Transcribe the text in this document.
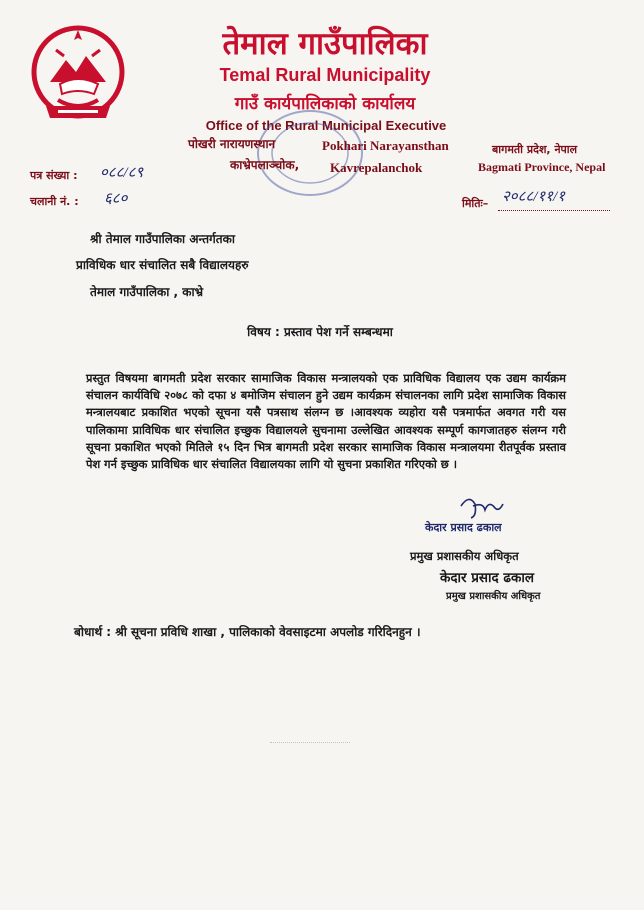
तेमाल गाउँपालिका
Temal Rural Municipality
गाउँ कार्यपालिकाको कार्यालय
Office of the Rural Municipal Executive
पोखरी नारायणस्थान	Pokhari Narayansthan
काभ्रेपलाञ्चोक, Kavrepalanchok
बागमती प्रदेश, नेपाल
Bagmati Province, Nepal
पत्र संख्या : ०८८/८९
चलानी नं. : ६८०	मितिः– २०८८/११/१
श्री तेमाल गाउँपालिका अन्तर्गतका
प्राविधिक धार संचालित सबै विद्यालयहरु
तेमाल गाउँपालिका , काभ्रे
विषय : प्रस्ताव पेश गर्ने सम्बन्धमा
प्रस्तुत विषयमा बागमती प्रदेश सरकार सामाजिक विकास मन्त्रालयको एक प्राविधिक विद्यालय एक उद्यम कार्यक्रम संचालन कार्यविधि २०७८ को दफा ४ बमोजिम संचालन हुने उद्यम कार्यक्रम संचालनका लागि प्रदेश सामाजिक विकास मन्त्रालयबाट प्रकाशित भएको सूचना यसै पत्रसाथ संलग्न छ ।आवश्यक व्यहोरा यसै पत्रमार्फत अवगत गरी यस पालिकामा प्राविधिक धार संचालित इच्छुक विद्यालयले सुचनामा उल्लेखित आवश्यक सम्पूर्ण कागजातहरु संलग्न गरी सूचना प्रकाशित भएको मितिले १५ दिन भित्र बागमती प्रदेश सरकार सामाजिक विकास मन्त्रालयमा रीतपूर्वक प्रस्ताव पेश गर्न इच्छुक प्राविधिक धार संचालित विद्यालयका लागि यो सुचना प्रकाशित गरिएको छ ।
केदार प्रसाद ढकाल
प्रमुख प्रशासकीय अधिकृत
केदार प्रसाद ढकाल
प्रमुख प्रशासकीय अधिकृत
बोधार्थ : श्री सूचना प्रविधि शाखा , पालिकाको वेवसाइटमा अपलोड गरिदिनहुन ।
